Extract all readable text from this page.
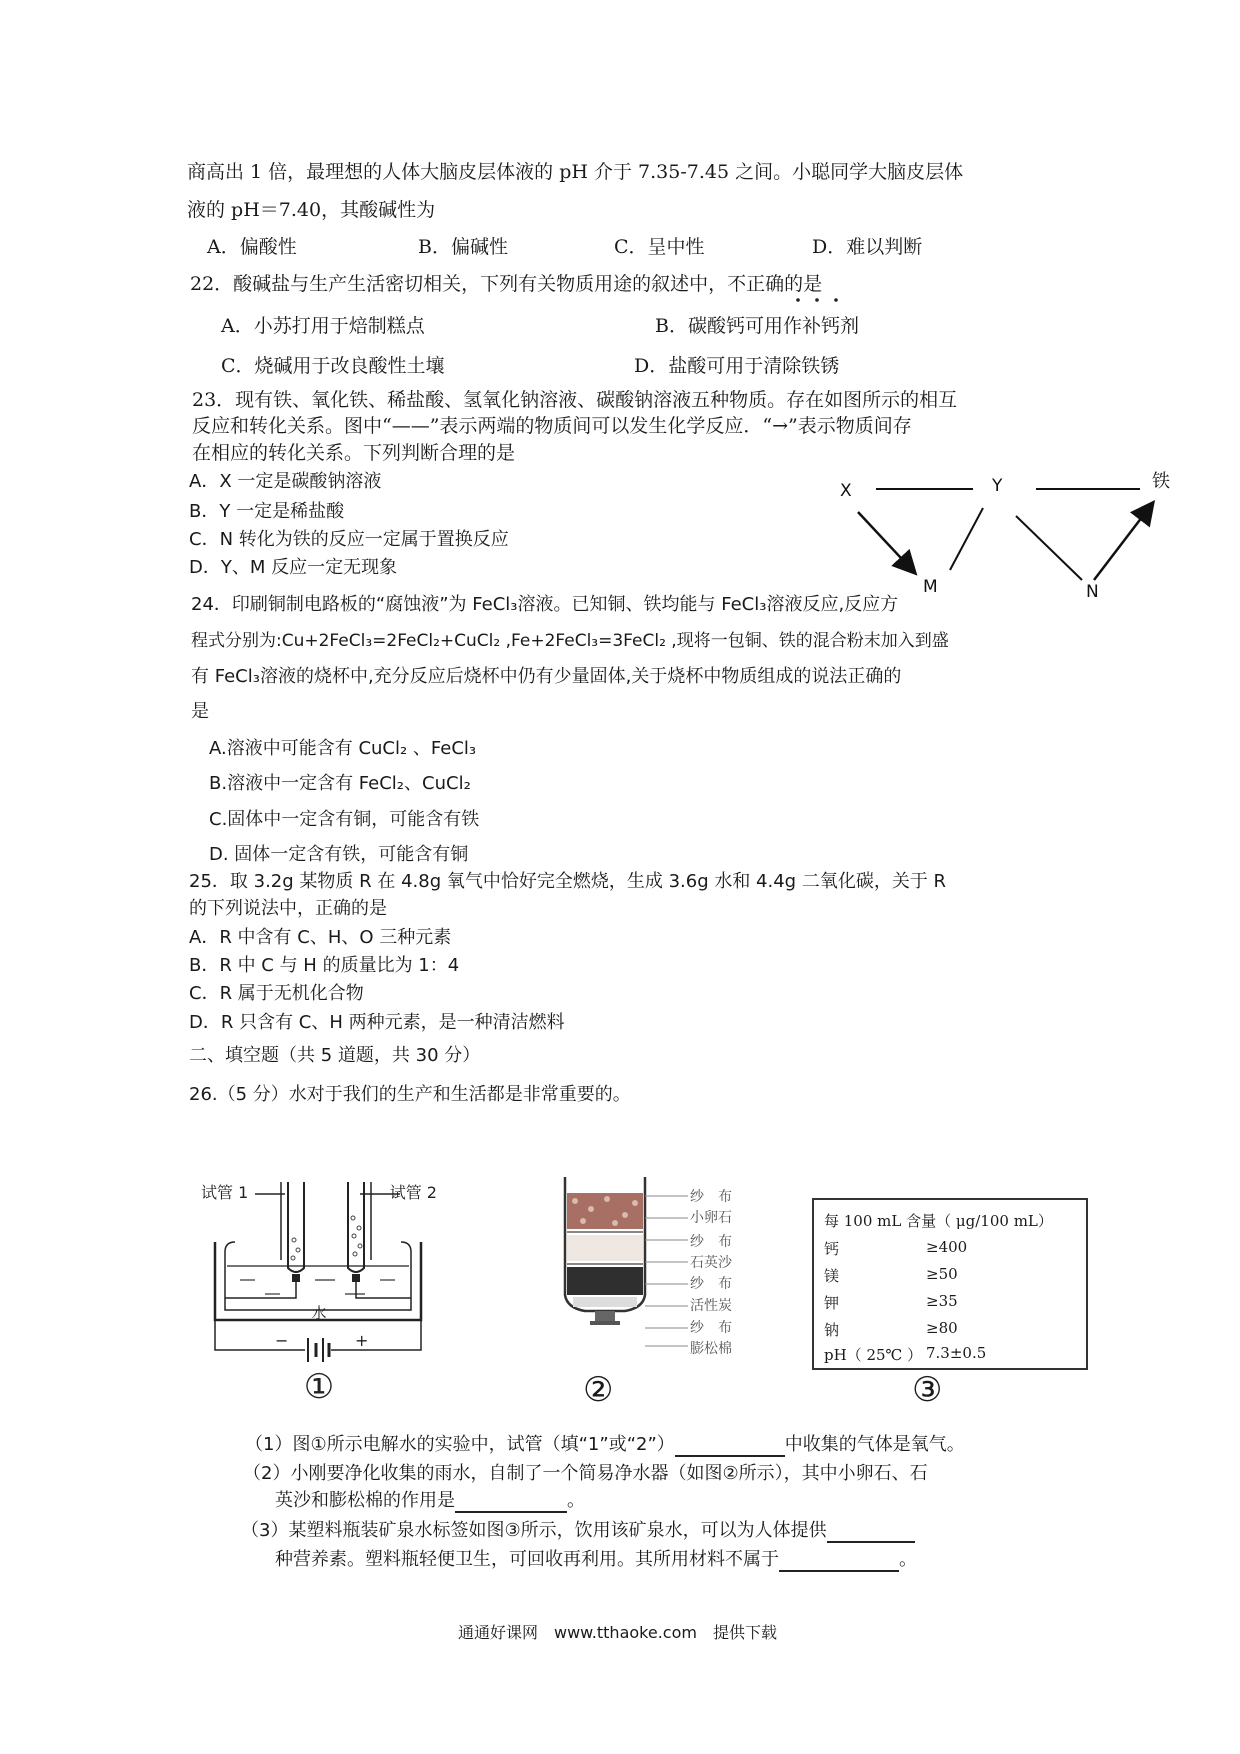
商高出 1 倍，最理想的人体大脑皮层体液的 pH 介于 7.35-7.45 之间。小聪同学大脑皮层体
液的 pH＝7.40，其酸碱性为
A．偏酸性	B．偏碱性	C．呈中性	D．难以判断
22．酸碱盐与生产生活密切相关，下列有关物质用途的叙述中，不正确的是
A．小苏打用于焙制糕点	B．碳酸钙可用作补钙剂
C．烧碱用于改良酸性土壤	D．盐酸可用于清除铁锈
23．现有铁、氧化铁、稀盐酸、氢氧化钠溶液、碳酸钠溶液五种物质。存在如图所示的相互
反应和转化关系。图中“——”表示两端的物质间可以发生化学反应．“→”表示物质间存
在相应的转化关系。下列判断合理的是
A．X 一定是碳酸钠溶液
B．Y 一定是稀盐酸
C．N 转化为铁的反应一定属于置换反应
D．Y、M 反应一定无现象
X	Y	铁
M	N
24．印刷铜制电路板的“腐蚀液”为 FeCl₃溶液。已知铜、铁均能与 FeCl₃溶液反应,反应方
程式分别为:Cu+2FeCl₃=2FeCl₂+CuCl₂ ,Fe+2FeCl₃=3FeCl₂ ,现将一包铜、铁的混合粉末加入到盛
有 FeCl₃溶液的烧杯中,充分反应后烧杯中仍有少量固体,关于烧杯中物质组成的说法正确的
是
A.溶液中可能含有 CuCl₂ 、FeCl₃
B.溶液中一定含有 FeCl₂、CuCl₂
C.固体中一定含有铜，可能含有铁
D. 固体一定含有铁，可能含有铜
25．取 3.2g 某物质 R 在 4.8g 氧气中恰好完全燃烧，生成 3.6g 水和 4.4g 二氧化碳，关于 R
的下列说法中，正确的是
A．R 中含有 C、H、O 三种元素
B．R 中 C 与 H 的质量比为 1：4
C．R 属于无机化合物
D．R 只含有 C、H 两种元素，是一种清洁燃料
二、填空题（共 5 道题，共 30 分）
26.（5 分）水对于我们的生产和生活都是非常重要的。
试管 1	试管 2
水
−	+
①
纱　布
小卵石
纱　布
石英沙
纱　布
活性炭
纱　布
膨松棉
②
每 100 mL 含量（ μg/100 mL）
钙	≥400
镁	≥50
钾	≥35
钠	≥80
pH（ 25℃ ） 7.3±0.5
③
（1）图①所示电解水的实验中，试管（填“1”或“2”）	中收集的气体是氧气。
（2）小刚要净化收集的雨水，自制了一个简易净水器（如图②所示），其中小卵石、石
英沙和膨松棉的作用是	。
（3）某塑料瓶装矿泉水标签如图③所示，饮用该矿泉水，可以为人体提供
种营养素。塑料瓶轻便卫生，可回收再利用。其所用材料不属于	。
通通好课网　www.tthaoke.com　提供下载
